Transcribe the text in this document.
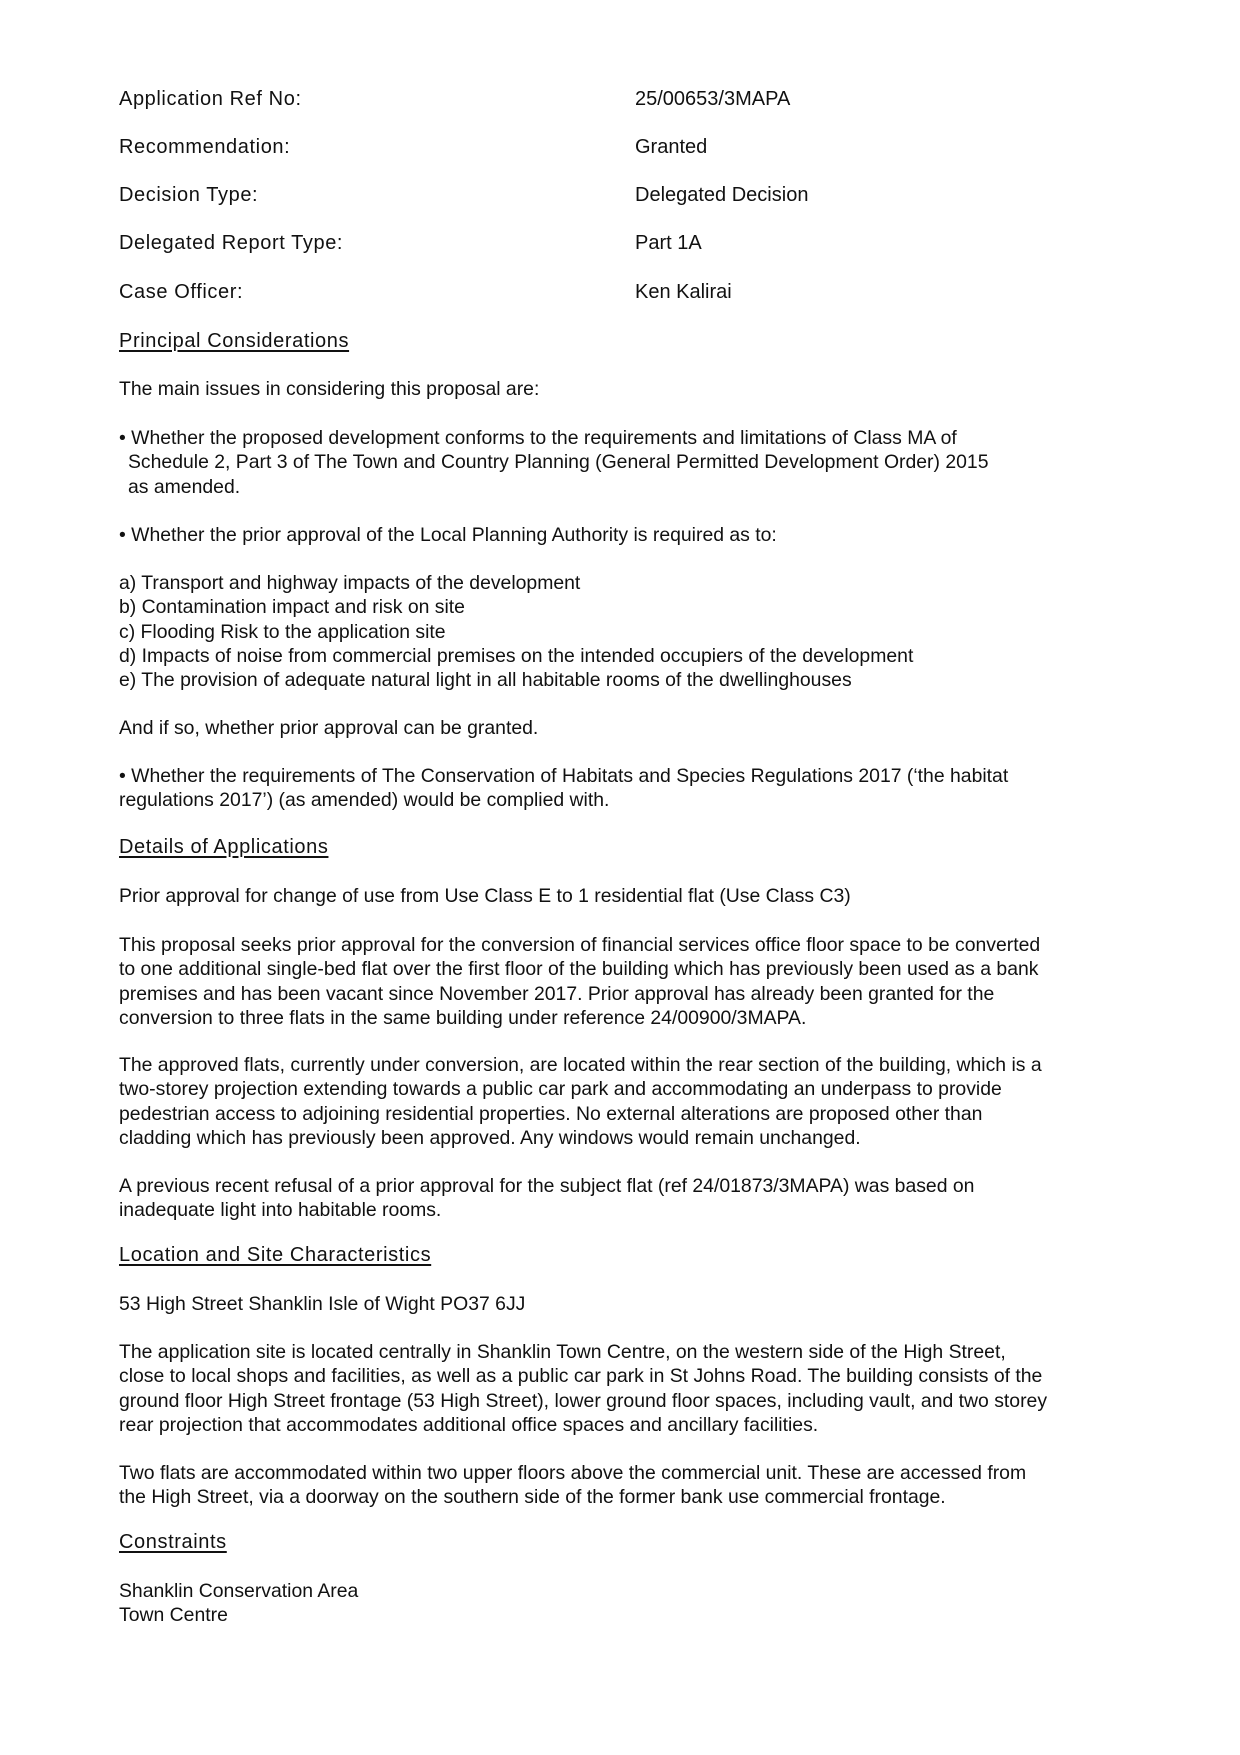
Application Ref No:	25/00653/3MAPA
Recommendation:	Granted
Decision Type:	Delegated Decision
Delegated Report Type:	Part 1A
Case Officer:	Ken Kalirai
Principal Considerations
The main issues in considering this proposal are:
• Whether the proposed development conforms to the requirements and limitations of Class MA of
Schedule 2, Part 3 of The Town and Country Planning (General Permitted Development Order) 2015
as amended.
• Whether the prior approval of the Local Planning Authority is required as to:
a) Transport and highway impacts of the development
b) Contamination impact and risk on site
c) Flooding Risk to the application site
d) Impacts of noise from commercial premises on the intended occupiers of the development
e) The provision of adequate natural light in all habitable rooms of the dwellinghouses
And if so, whether prior approval can be granted.
• Whether the requirements of The Conservation of Habitats and Species Regulations 2017 (‘the habitat
regulations 2017’) (as amended) would be complied with.
Details of Applications
Prior approval for change of use from Use Class E to 1 residential flat (Use Class C3)
This proposal seeks prior approval for the conversion of financial services office floor space to be converted
to one additional single-bed flat over the first floor of the building which has previously been used as a bank
premises and has been vacant since November 2017. Prior approval has already been granted for the
conversion to three flats in the same building under reference 24/00900/3MAPA.
The approved flats, currently under conversion, are located within the rear section of the building, which is a
two-storey projection extending towards a public car park and accommodating an underpass to provide
pedestrian access to adjoining residential properties. No external alterations are proposed other than
cladding which has previously been approved. Any windows would remain unchanged.
A previous recent refusal of a prior approval for the subject flat (ref 24/01873/3MAPA) was based on
inadequate light into habitable rooms.
Location and Site Characteristics
53 High Street Shanklin Isle of Wight PO37 6JJ
The application site is located centrally in Shanklin Town Centre, on the western side of the High Street,
close to local shops and facilities, as well as a public car park in St Johns Road. The building consists of the
ground floor High Street frontage (53 High Street), lower ground floor spaces, including vault, and two storey
rear projection that accommodates additional office spaces and ancillary facilities.
Two flats are accommodated within two upper floors above the commercial unit. These are accessed from
the High Street, via a doorway on the southern side of the former bank use commercial frontage.
Constraints
Shanklin Conservation Area
Town Centre
